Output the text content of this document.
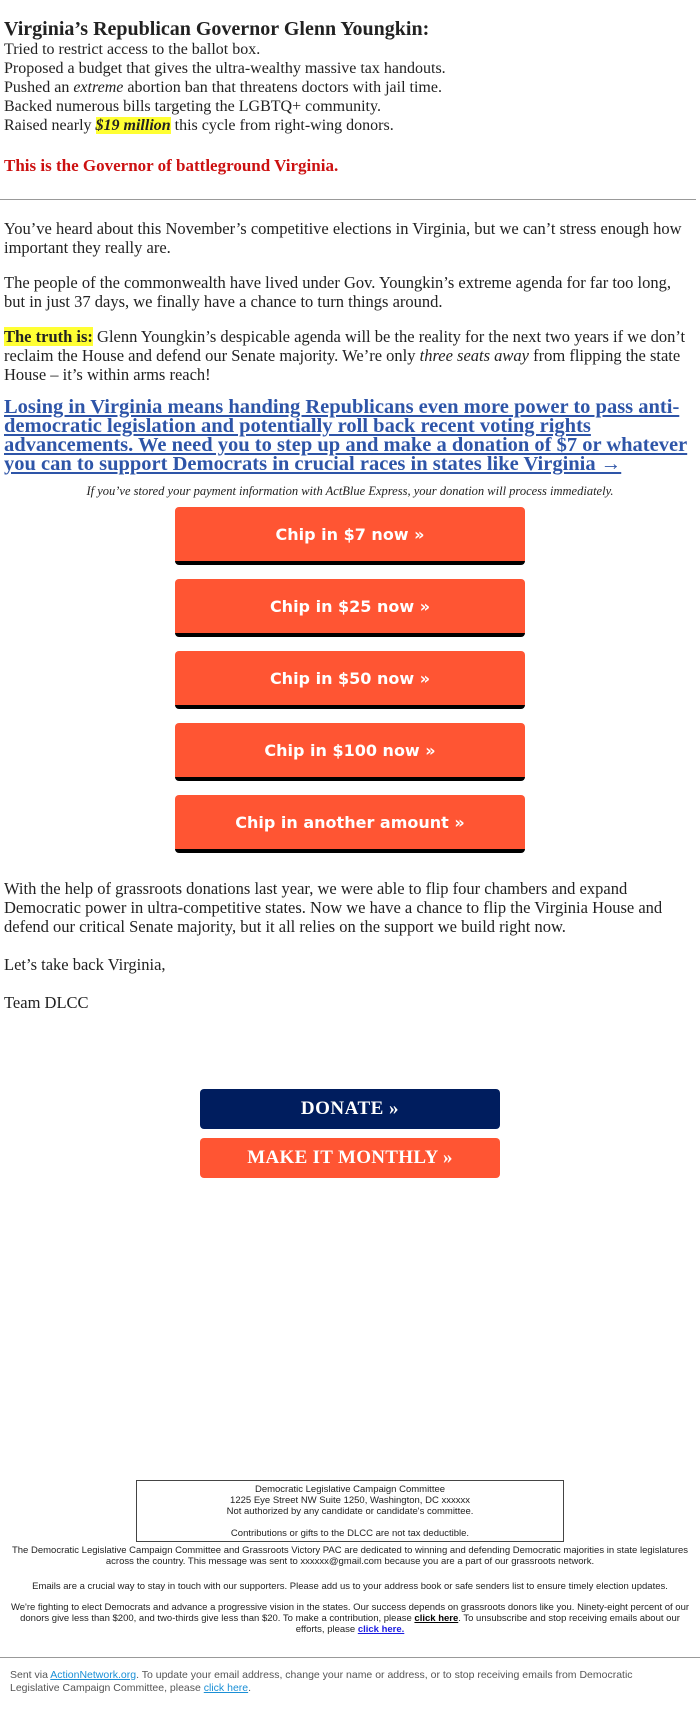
Virginia’s Republican Governor Glenn Youngkin:

Tried to restrict access to the ballot box.

Proposed a budget that gives the ultra-wealthy massive tax handouts.

Pushed an extreme abortion ban that threatens doctors with jail time.

Backed numerous bills targeting the LGBTQ+ community.

Raised nearly $19 million this cycle from right-wing donors.

This is the Governor of battleground Virginia.

You’ve heard about this November’s competitive elections in Virginia, but we can’t stress enough how important they really are.

The people of the commonwealth have lived under Gov. Youngkin’s extreme agenda for far too long, but in just 37 days, we finally have a chance to turn things around.

The truth is: Glenn Youngkin’s despicable agenda will be the reality for the next two years if we don’t reclaim the House and defend our Senate majority. We’re only three seats away from flipping the state House – it’s within arms reach!

Losing in Virginia means handing Republicans even more power to pass anti-democratic legislation and potentially roll back recent voting rights advancements. We need you to step up and make a donation of $7 or whatever you can to support Democrats in crucial races in states like Virginia →

If you’ve stored your payment information with ActBlue Express, your donation will process immediately.

Chip in $7 now »
Chip in $25 now »
Chip in $50 now »
Chip in $100 now »
Chip in another amount »

With the help of grassroots donations last year, we were able to flip four chambers and expand Democratic power in ultra-competitive states. Now we have a chance to flip the Virginia House and defend our critical Senate majority, but it all relies on the support we build right now.

Let’s take back Virginia,

Team DLCC

DONATE »
MAKE IT MONTHLY »
Democratic Legislative Campaign Committee
1225 Eye Street NW Suite 1250, Washington, DC xxxxxx
Not authorized by any candidate or candidate's committee.
Contributions or gifts to the DLCC are not tax deductible.
The Democratic Legislative Campaign Committee and Grassroots Victory PAC are dedicated to winning and defending Democratic majorities in state legislatures across the country. This message was sent to xxxxxx@gmail.com because you are a part of our grassroots network.
Emails are a crucial way to stay in touch with our supporters. Please add us to your address book or safe senders list to ensure timely election updates.
We're fighting to elect Democrats and advance a progressive vision in the states. Our success depends on grassroots donors like you. Ninety-eight percent of our donors give less than $200, and two-thirds give less than $20. To make a contribution, please click here. To unsubscribe and stop receiving emails about our efforts, please click here.
Sent via ActionNetwork.org. To update your email address, change your name or address, or to stop receiving emails from Democratic Legislative Campaign Committee, please click here.
